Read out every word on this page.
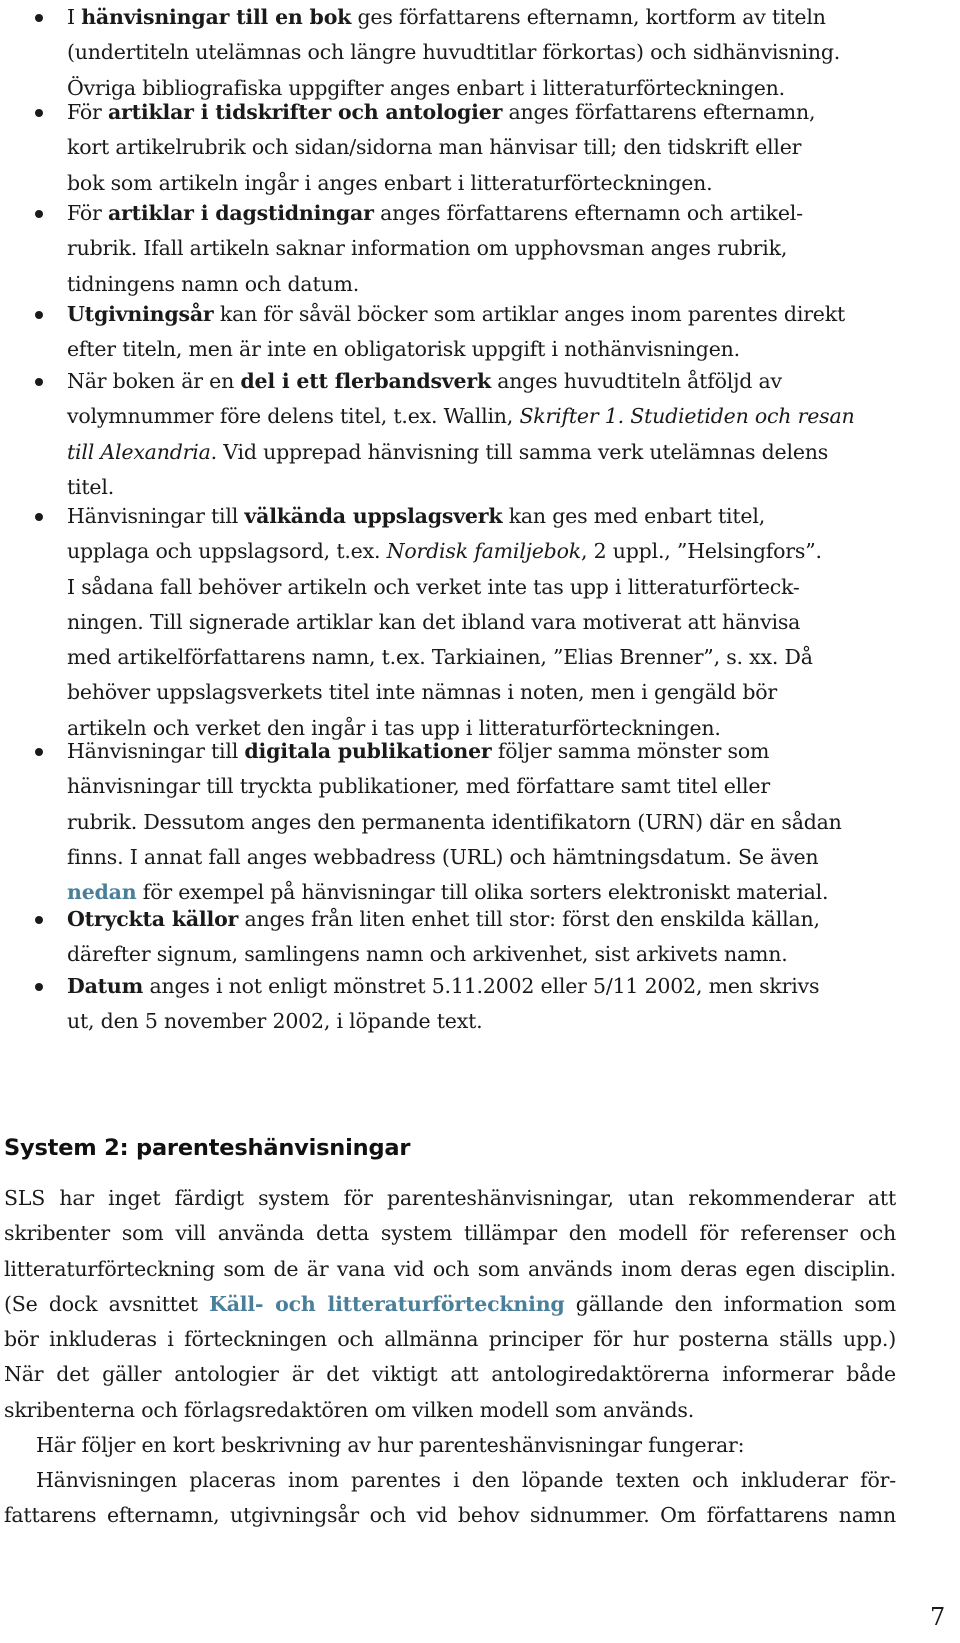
I hänvisningar till en bok ges författarens efternamn, kortform av titeln
(undertiteln utelämnas och längre huvudtitlar förkortas) och sidhänvisning.
Övriga bibliografiska uppgifter anges enbart i litteraturförteckningen.
För artiklar i tidskrifter och antologier anges författarens efternamn,
kort artikelrubrik och sidan/sidorna man hänvisar till; den tidskrift eller
bok som artikeln ingår i anges enbart i litteraturförteckningen.
För artiklar i dagstidningar anges författarens efternamn och artikel-
rubrik. Ifall artikeln saknar information om upphovsman anges rubrik,
tidningens namn och datum.
Utgivningsår kan för såväl böcker som artiklar anges inom parentes direkt
efter titeln, men är inte en obligatorisk uppgift i nothänvisningen.
När boken är en del i ett flerbandsverk anges huvudtiteln åtföljd av
volymnummer före delens titel, t.ex. Wallin, Skrifter 1. Studietiden och resan
till Alexandria. Vid upprepad hänvisning till samma verk utelämnas delens
titel.
Hänvisningar till välkända uppslagsverk kan ges med enbart titel,
upplaga och uppslagsord, t.ex. Nordisk familjebok, 2 uppl., ”Helsingfors”.
I sådana fall behöver artikeln och verket inte tas upp i litteraturförteck-
ningen. Till signerade artiklar kan det ibland vara motiverat att hänvisa
med artikelförfattarens namn, t.ex. Tarkiainen, ”Elias Brenner”, s. xx. Då
behöver uppslagsverkets titel inte nämnas i noten, men i gengäld bör
artikeln och verket den ingår i tas upp i litteraturförteckningen.
Hänvisningar till digitala publikationer följer samma mönster som
hänvisningar till tryckta publikationer, med författare samt titel eller
rubrik. Dessutom anges den permanenta identifikatorn (URN) där en sådan
finns. I annat fall anges webbadress (URL) och hämtningsdatum. Se även
nedan för exempel på hänvisningar till olika sorters elektroniskt material.
Otryckta källor anges från liten enhet till stor: först den enskilda källan,
därefter signum, samlingens namn och arkivenhet, sist arkivets namn.
Datum anges i not enligt mönstret 5.11.2002 eller 5/11 2002, men skrivs
ut, den 5 november 2002, i löpande text.
System 2: parenteshänvisningar
SLS har inget färdigt system för parenteshänvisningar, utan rekommenderar att
skribenter som vill använda detta system tillämpar den modell för referenser och
litteraturförteckning som de är vana vid och som används inom deras egen disciplin.
(Se dock avsnittet Käll- och litteraturförteckning gällande den information som
bör inkluderas i förteckningen och allmänna principer för hur posterna ställs upp.)
När det gäller antologier är det viktigt att antologiredaktörerna informerar både
skribenterna och förlagsredaktören om vilken modell som används.
Här följer en kort beskrivning av hur parenteshänvisningar fungerar:
Hänvisningen placeras inom parentes i den löpande texten och inkluderar för-
fattarens efternamn, utgivningsår och vid behov sidnummer. Om författarens namn
7
